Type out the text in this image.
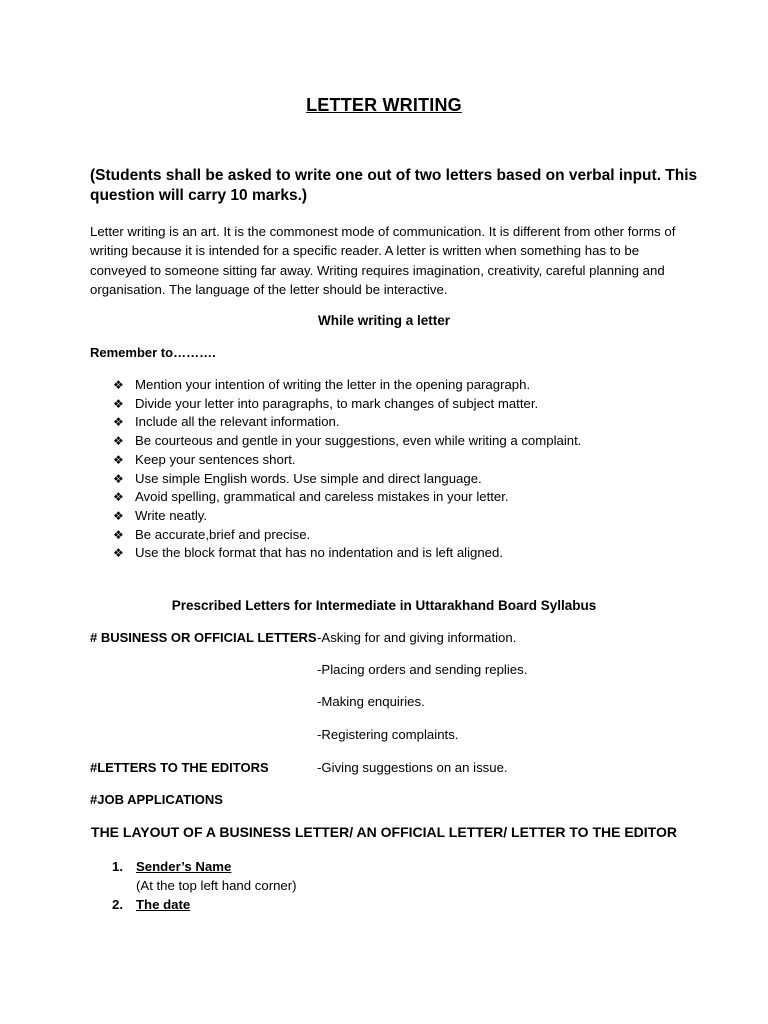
LETTER WRITING
(Students shall be asked to write one out of two letters based on verbal input. This question will carry 10 marks.)
Letter writing is an art. It is the commonest mode of communication. It is different from other forms of writing because it is intended for a specific reader. A letter is written when something has to be conveyed to someone sitting far away. Writing requires imagination, creativity, careful planning and organisation. The language of the letter should be interactive.
While writing a letter
Remember to……….
❖ Mention your intention of writing the letter in the opening paragraph.
❖ Divide your letter into paragraphs, to mark changes of subject matter.
❖ Include all the relevant information.
❖ Be courteous and gentle in your suggestions, even while writing a complaint.
❖ Keep your sentences short.
❖ Use simple English words. Use simple and direct language.
❖ Avoid spelling, grammatical and careless mistakes in your letter.
❖ Write neatly.
❖ Be accurate,brief and precise.
❖ Use the block format that has no indentation and is left aligned.
Prescribed Letters for Intermediate in Uttarakhand Board Syllabus
# BUSINESS OR OFFICIAL LETTERS -Asking for and giving information.
-Placing orders and sending replies.
-Making enquiries.
-Registering complaints.
#LETTERS TO THE EDITORS	-Giving suggestions on an issue.
#JOB APPLICATIONS
THE LAYOUT OF A BUSINESS LETTER/ AN OFFICIAL LETTER/ LETTER TO THE EDITOR
1. Sender’s Name
(At the top left hand corner)
2. The date
